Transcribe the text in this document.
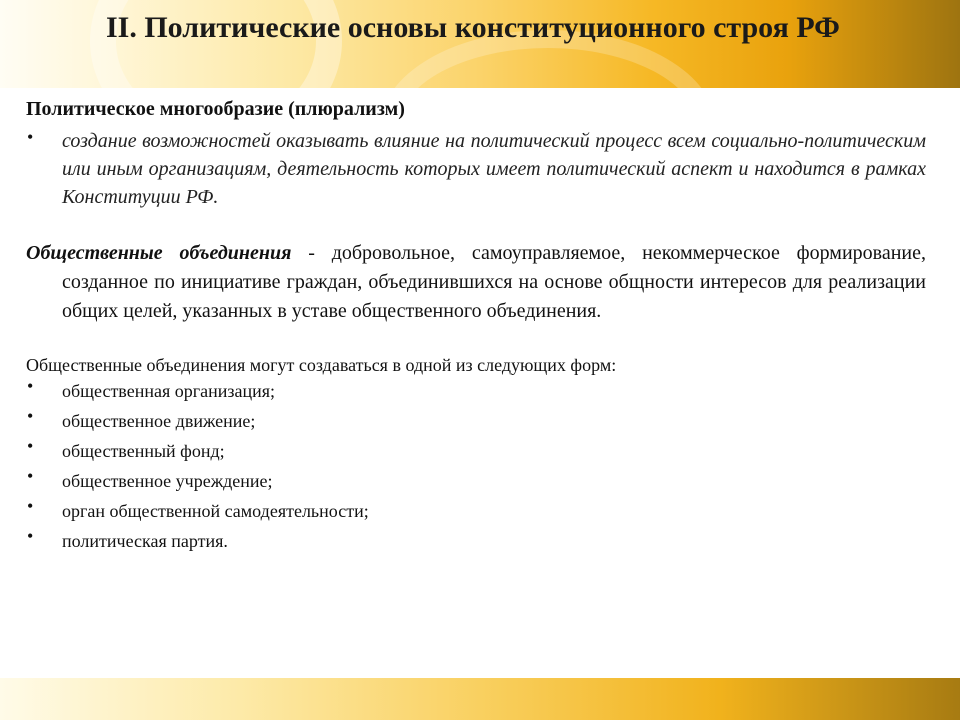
II. Политические основы конституционного строя РФ
Политическое многообразие (плюрализм)
• создание возможностей оказывать влияние на политический процесс всем социально-политическим или иным организациям, деятельность которых имеет политический аспект и находится в рамках Конституции РФ.
Общественные объединения - добровольное, самоуправляемое, некоммерческое формирование, созданное по инициативе граждан, объединившихся на основе общности интересов для реализации общих целей, указанных в уставе общественного объединения.
Общественные объединения могут создаваться в одной из следующих форм:
• общественная организация;
• общественное движение;
• общественный фонд;
• общественное учреждение;
• орган общественной самодеятельности;
• политическая партия.
